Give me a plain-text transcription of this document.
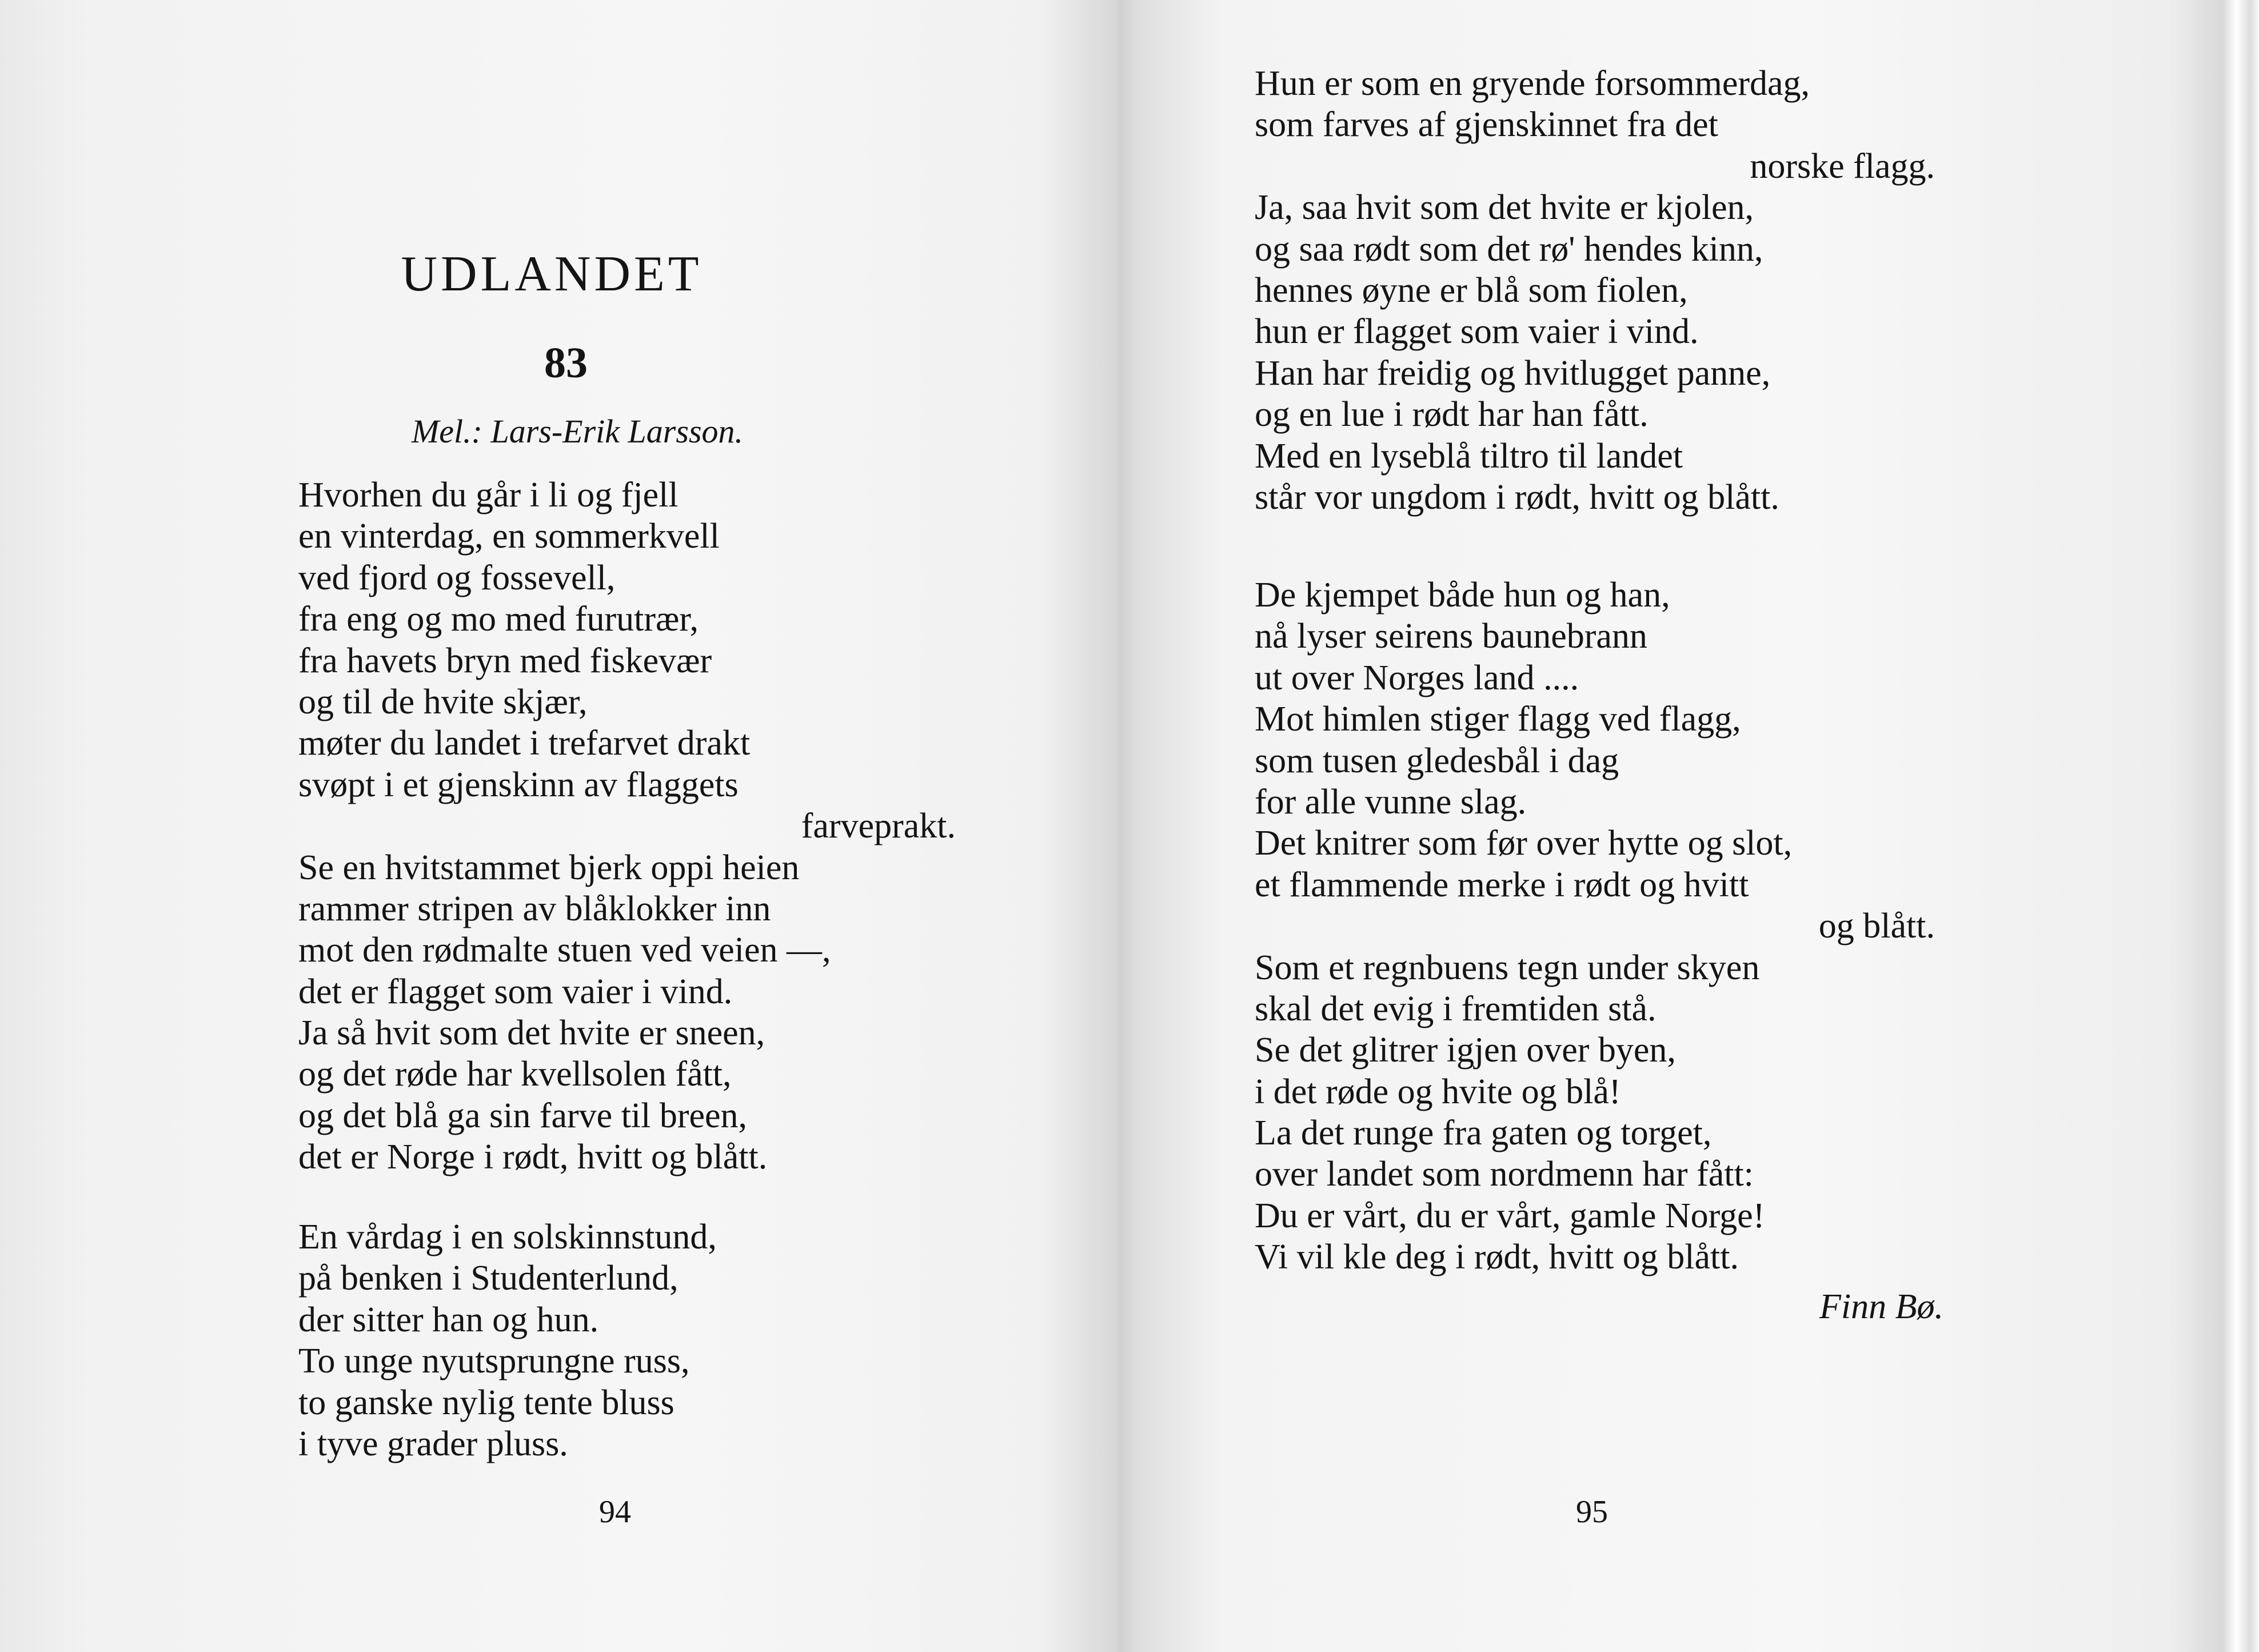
UDLANDET
83
Mel.: Lars-Erik Larsson.
Hvorhen du går i li og fjell
en vinterdag, en sommerkvell
ved fjord og fossevell,
fra eng og mo med furutrær,
fra havets bryn med fiskevær
og til de hvite skjær,
møter du landet i trefarvet drakt
svøpt i et gjenskinn av flaggets
farveprakt.
Se en hvitstammet bjerk oppi heien
rammer stripen av blåklokker inn
mot den rødmalte stuen ved veien —,
det er flagget som vaier i vind.
Ja så hvit som det hvite er sneen,
og det røde har kvellsolen fått,
og det blå ga sin farve til breen,
det er Norge i rødt, hvitt og blått.
En vårdag i en solskinnstund,
på benken i Studenterlund,
der sitter han og hun.
To unge nyutsprungne russ,
to ganske nylig tente bluss
i tyve grader pluss.
94
Hun er som en gryende forsommerdag,
som farves af gjenskinnet fra det
norske flagg.
Ja, saa hvit som det hvite er kjolen,
og saa rødt som det rø' hendes kinn,
hennes øyne er blå som fiolen,
hun er flagget som vaier i vind.
Han har freidig og hvitlugget panne,
og en lue i rødt har han fått.
Med en lyseblå tiltro til landet
står vor ungdom i rødt, hvitt og blått.
De kjempet både hun og han,
nå lyser seirens baunebrann
ut over Norges land ....
Mot himlen stiger flagg ved flagg,
som tusen gledesbål i dag
for alle vunne slag.
Det knitrer som før over hytte og slot,
et flammende merke i rødt og hvitt
og blått.
Som et regnbuens tegn under skyen
skal det evig i fremtiden stå.
Se det glitrer igjen over byen,
i det røde og hvite og blå!
La det runge fra gaten og torget,
over landet som nordmenn har fått:
Du er vårt, du er vårt, gamle Norge!
Vi vil kle deg i rødt, hvitt og blått.
Finn Bø.
95
